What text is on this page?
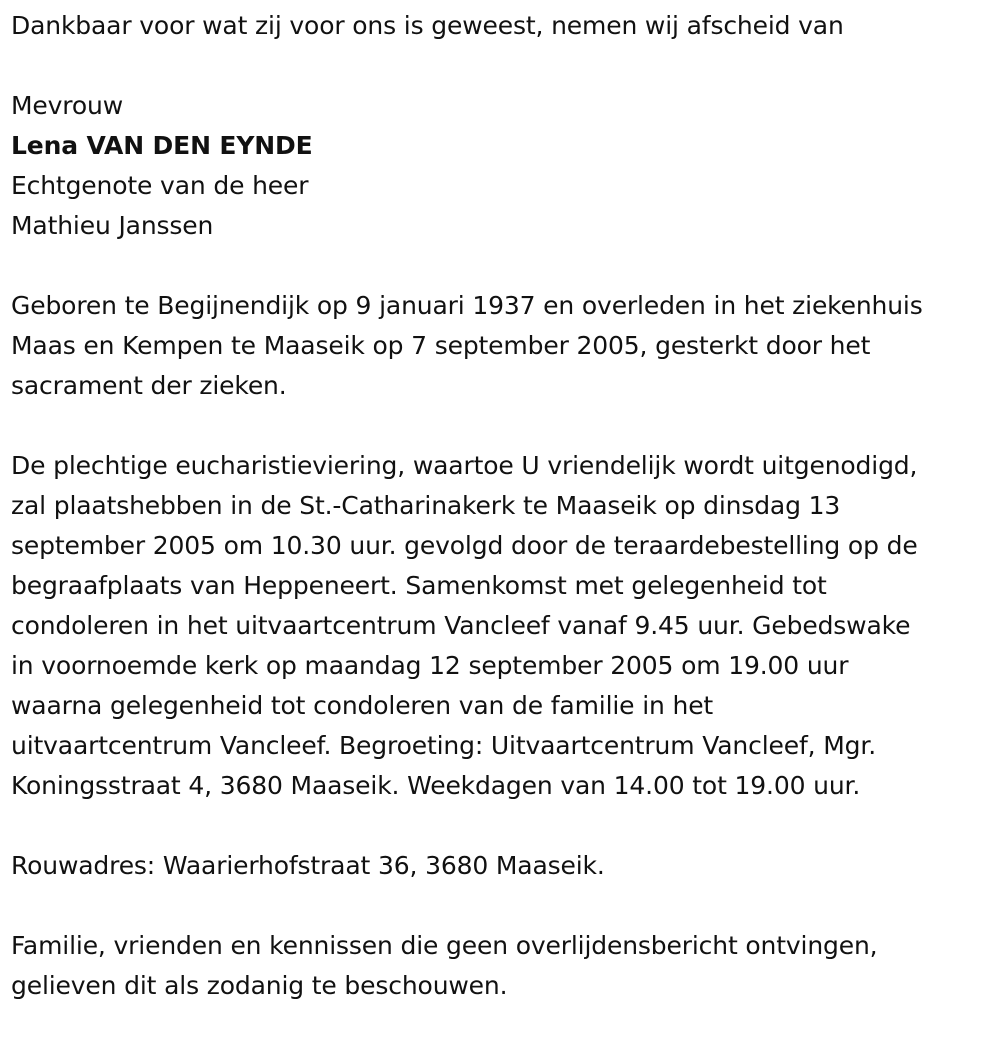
Dankbaar voor wat zij voor ons is geweest, nemen wij afscheid van
Mevrouw
Lena VAN DEN EYNDE
Echtgenote van de heer
Mathieu Janssen
Geboren te Begijnendijk op 9 januari 1937 en overleden in het ziekenhuis
Maas en Kempen te Maaseik op 7 september 2005, gesterkt door het
sacrament der zieken.
De plechtige eucharistieviering, waartoe U vriendelijk wordt uitgenodigd,
zal plaatshebben in de St.-Catharinakerk te Maaseik op dinsdag 13
september 2005 om 10.30 uur. gevolgd door de teraardebestelling op de
begraafplaats van Heppeneert. Samenkomst met gelegenheid tot
condoleren in het uitvaartcentrum Vancleef vanaf 9.45 uur. Gebedswake
in voornoemde kerk op maandag 12 september 2005 om 19.00 uur
waarna gelegenheid tot condoleren van de familie in het
uitvaartcentrum Vancleef. Begroeting: Uitvaartcentrum Vancleef, Mgr.
Koningsstraat 4, 3680 Maaseik. Weekdagen van 14.00 tot 19.00 uur.
Rouwadres: Waarierhofstraat 36, 3680 Maaseik.
Familie, vrienden en kennissen die geen overlijdensbericht ontvingen,
gelieven dit als zodanig te beschouwen.
